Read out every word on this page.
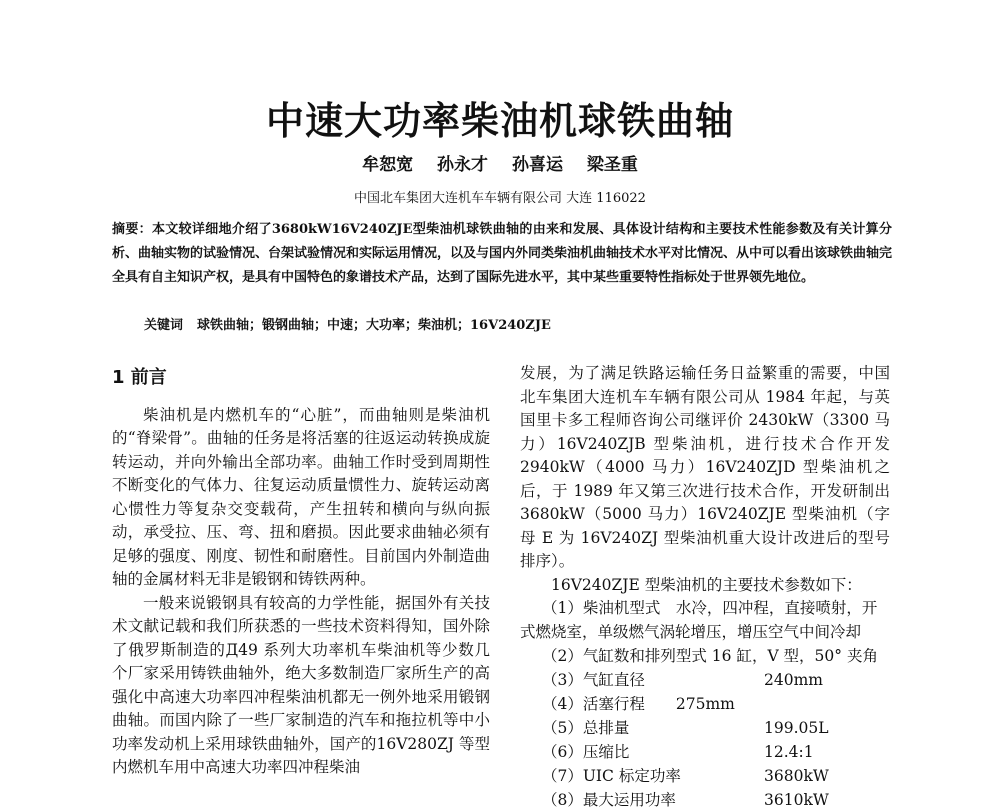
中速大功率柴油机球铁曲轴
牟恕宽 孙永才 孙喜运 梁圣重
中国北车集团大连机车车辆有限公司 大连 116022
摘要：本文较详细地介绍了3680kW16V240ZJE型柴油机球铁曲轴的由来和发展、具体设计结构和主要技术性能参数及有关计算分析、曲轴实物的试验情况、台架试验情况和实际运用情况，以及与国内外同类柴油机曲轴技术水平对比情况、从中可以看出该球铁曲轴完全具有自主知识产权，是具有中国特色的象谱技术产品，达到了国际先进水平，其中某些重要特性指标处于世界领先地位。
关键词 球铁曲轴；锻钢曲轴；中速；大功率；柴油机；16V240ZJE
1 前言

柴油机是内燃机车的“心脏”，而曲轴则是柴油机的“脊梁骨”。曲轴的任务是将活塞的往返运动转换成旋转运动，并向外输出全部功率。曲轴工作时受到周期性不断变化的气体力、往复运动质量惯性力、旋转运动离心惯性力等复杂交变载荷，产生扭转和横向与纵向振动，承受拉、压、弯、扭和磨损。因此要求曲轴必须有足够的强度、刚度、韧性和耐磨性。目前国内外制造曲轴的金属材料无非是锻钢和铸铁两种。

一般来说锻钢具有较高的力学性能，据国外有关技术文献记载和我们所获悉的一些技术资料得知，国外除了俄罗斯制造的Д49 系列大功率机车柴油机等少数几个厂家采用铸铁曲轴外，绝大多数制造厂家所生产的高强化中高速大功率四冲程柴油机都无一例外地采用锻钢曲轴。而国内除了一些厂家制造的汽车和拖拉机等中小功率发动机上采用球铁曲轴外，国产的16V280ZJ 等型内燃机车用中高速大功率四冲程柴油

发展，为了满足铁路运输任务日益繁重的需要，中国北车集团大连机车车辆有限公司从 1984 年起，与英国里卡多工程师咨询公司继评价 2430kW（3300 马力）16V240ZJB 型柴油机，进行技术合作开发 2940kW（4000 马力）16V240ZJD 型柴油机之后，于 1989 年又第三次进行技术合作，开发研制出 3680kW（5000 马力）16V240ZJE 型柴油机（字母 E 为 16V240ZJ 型柴油机重大设计改进后的型号排序）。

16V240ZJE 型柴油机的主要技术参数如下：

（1）柴油机型式　水冷，四冲程，直接喷射，开

式燃烧室，单级燃气涡轮增压，增压空气中间冷却

（2）气缸数和排列型式 16 缸，V 型，50° 夹角
（3）气缸直径	240mm
（4）活塞行程　　275mm
（5）总排量	199.05L
（6）压缩比	12.4:1
（7）UIC 标定功率	3680kW
（8）最大运用功率	3610kW
